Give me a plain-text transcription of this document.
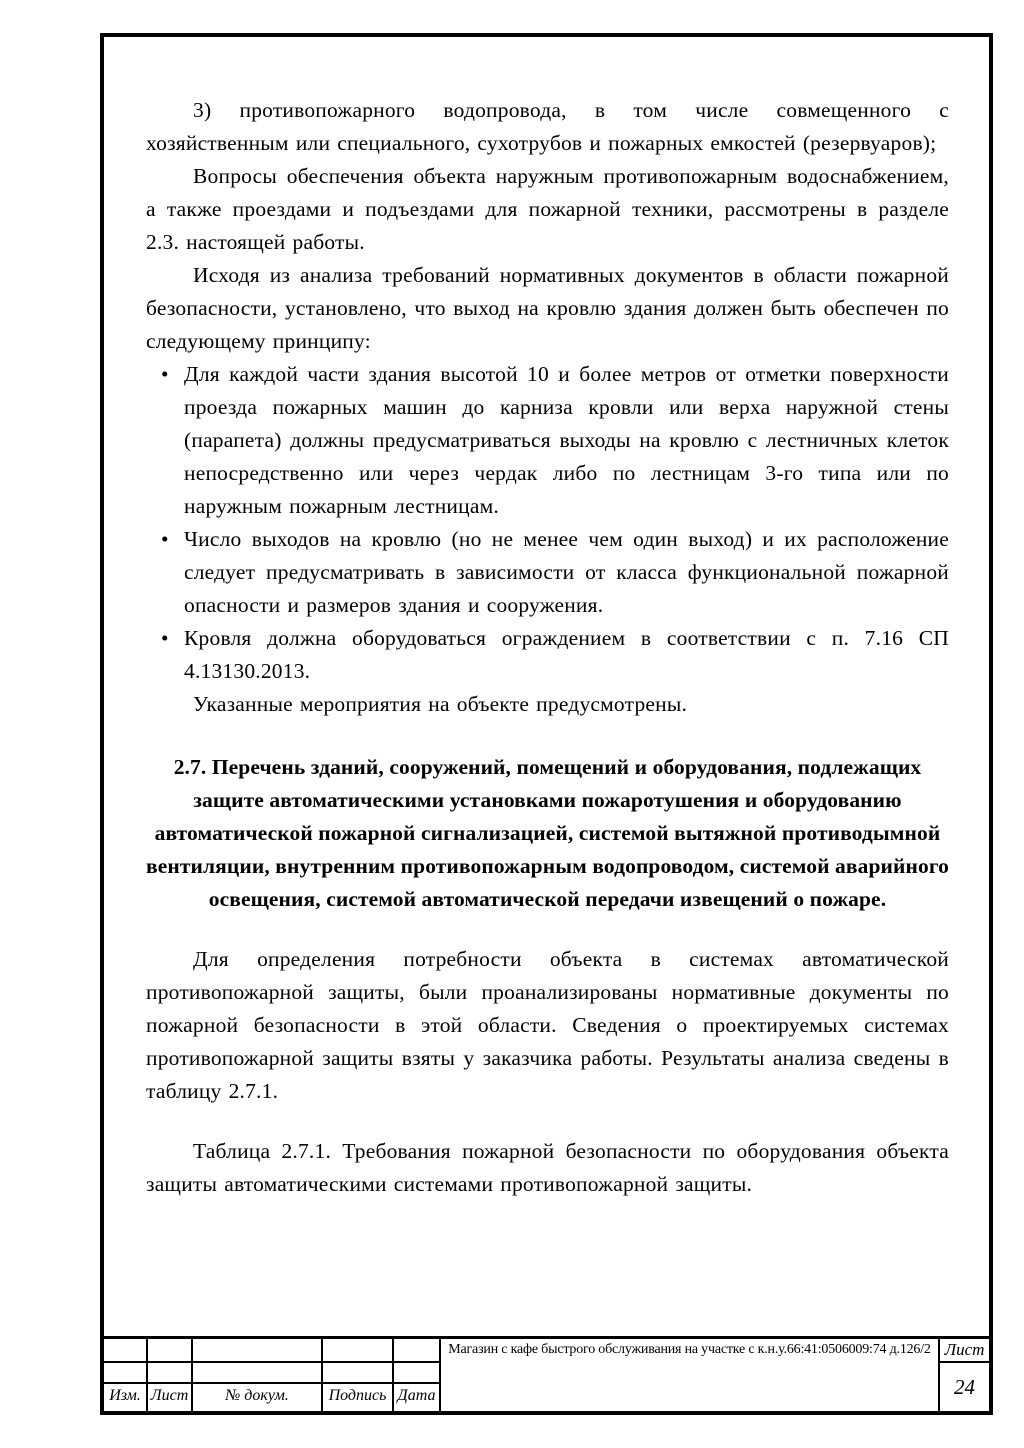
3) противопожарного водопровода, в том числе совмещенного с хозяйственным или специального, сухотрубов и пожарных емкостей (резервуаров);

Вопросы обеспечения объекта наружным противопожарным водоснабжением, а также проездами и подъездами для пожарной техники, рассмотрены в разделе 2.3. настоящей работы.

Исходя из анализа требований нормативных документов в области пожарной безопасности, установлено, что выход на кровлю здания должен быть обеспечен по следующему принципу:

• Для каждой части здания высотой 10 и более метров от отметки поверхности проезда пожарных машин до карниза кровли или верха наружной стены (парапета) должны предусматриваться выходы на кровлю с лестничных клеток непосредственно или через чердак либо по лестницам 3-го типа или по наружным пожарным лестницам.
• Число выходов на кровлю (но не менее чем один выход) и их расположение следует предусматривать в зависимости от класса функциональной пожарной опасности и размеров здания и сооружения.
• Кровля должна оборудоваться ограждением в соответствии с п. 7.16 СП 4.13130.2013.

Указанные мероприятия на объекте предусмотрены.

2.7. Перечень зданий, сооружений, помещений и оборудования, подлежащих защите автоматическими установками пожаротушения и оборудованию автоматической пожарной сигнализацией, системой вытяжной противодымной вентиляции, внутренним противопожарным водопроводом, системой аварийного освещения, системой автоматической передачи извещений о пожаре.

Для определения потребности объекта в системах автоматической противопожарной защиты, были проанализированы нормативные документы по пожарной безопасности в этой области. Сведения о проектируемых системах противопожарной защиты взяты у заказчика работы. Результаты анализа сведены в таблицу 2.7.1.

Таблица 2.7.1. Требования пожарной безопасности по оборудования объекта защиты автоматическими системами противопожарной защиты.

Изм. Лист	№ докум.	Подпись Дата
Магазин с кафе быстрого обслуживания на участке с к.н.у.66:41:0506009:74 д.126/2 Лист
24
